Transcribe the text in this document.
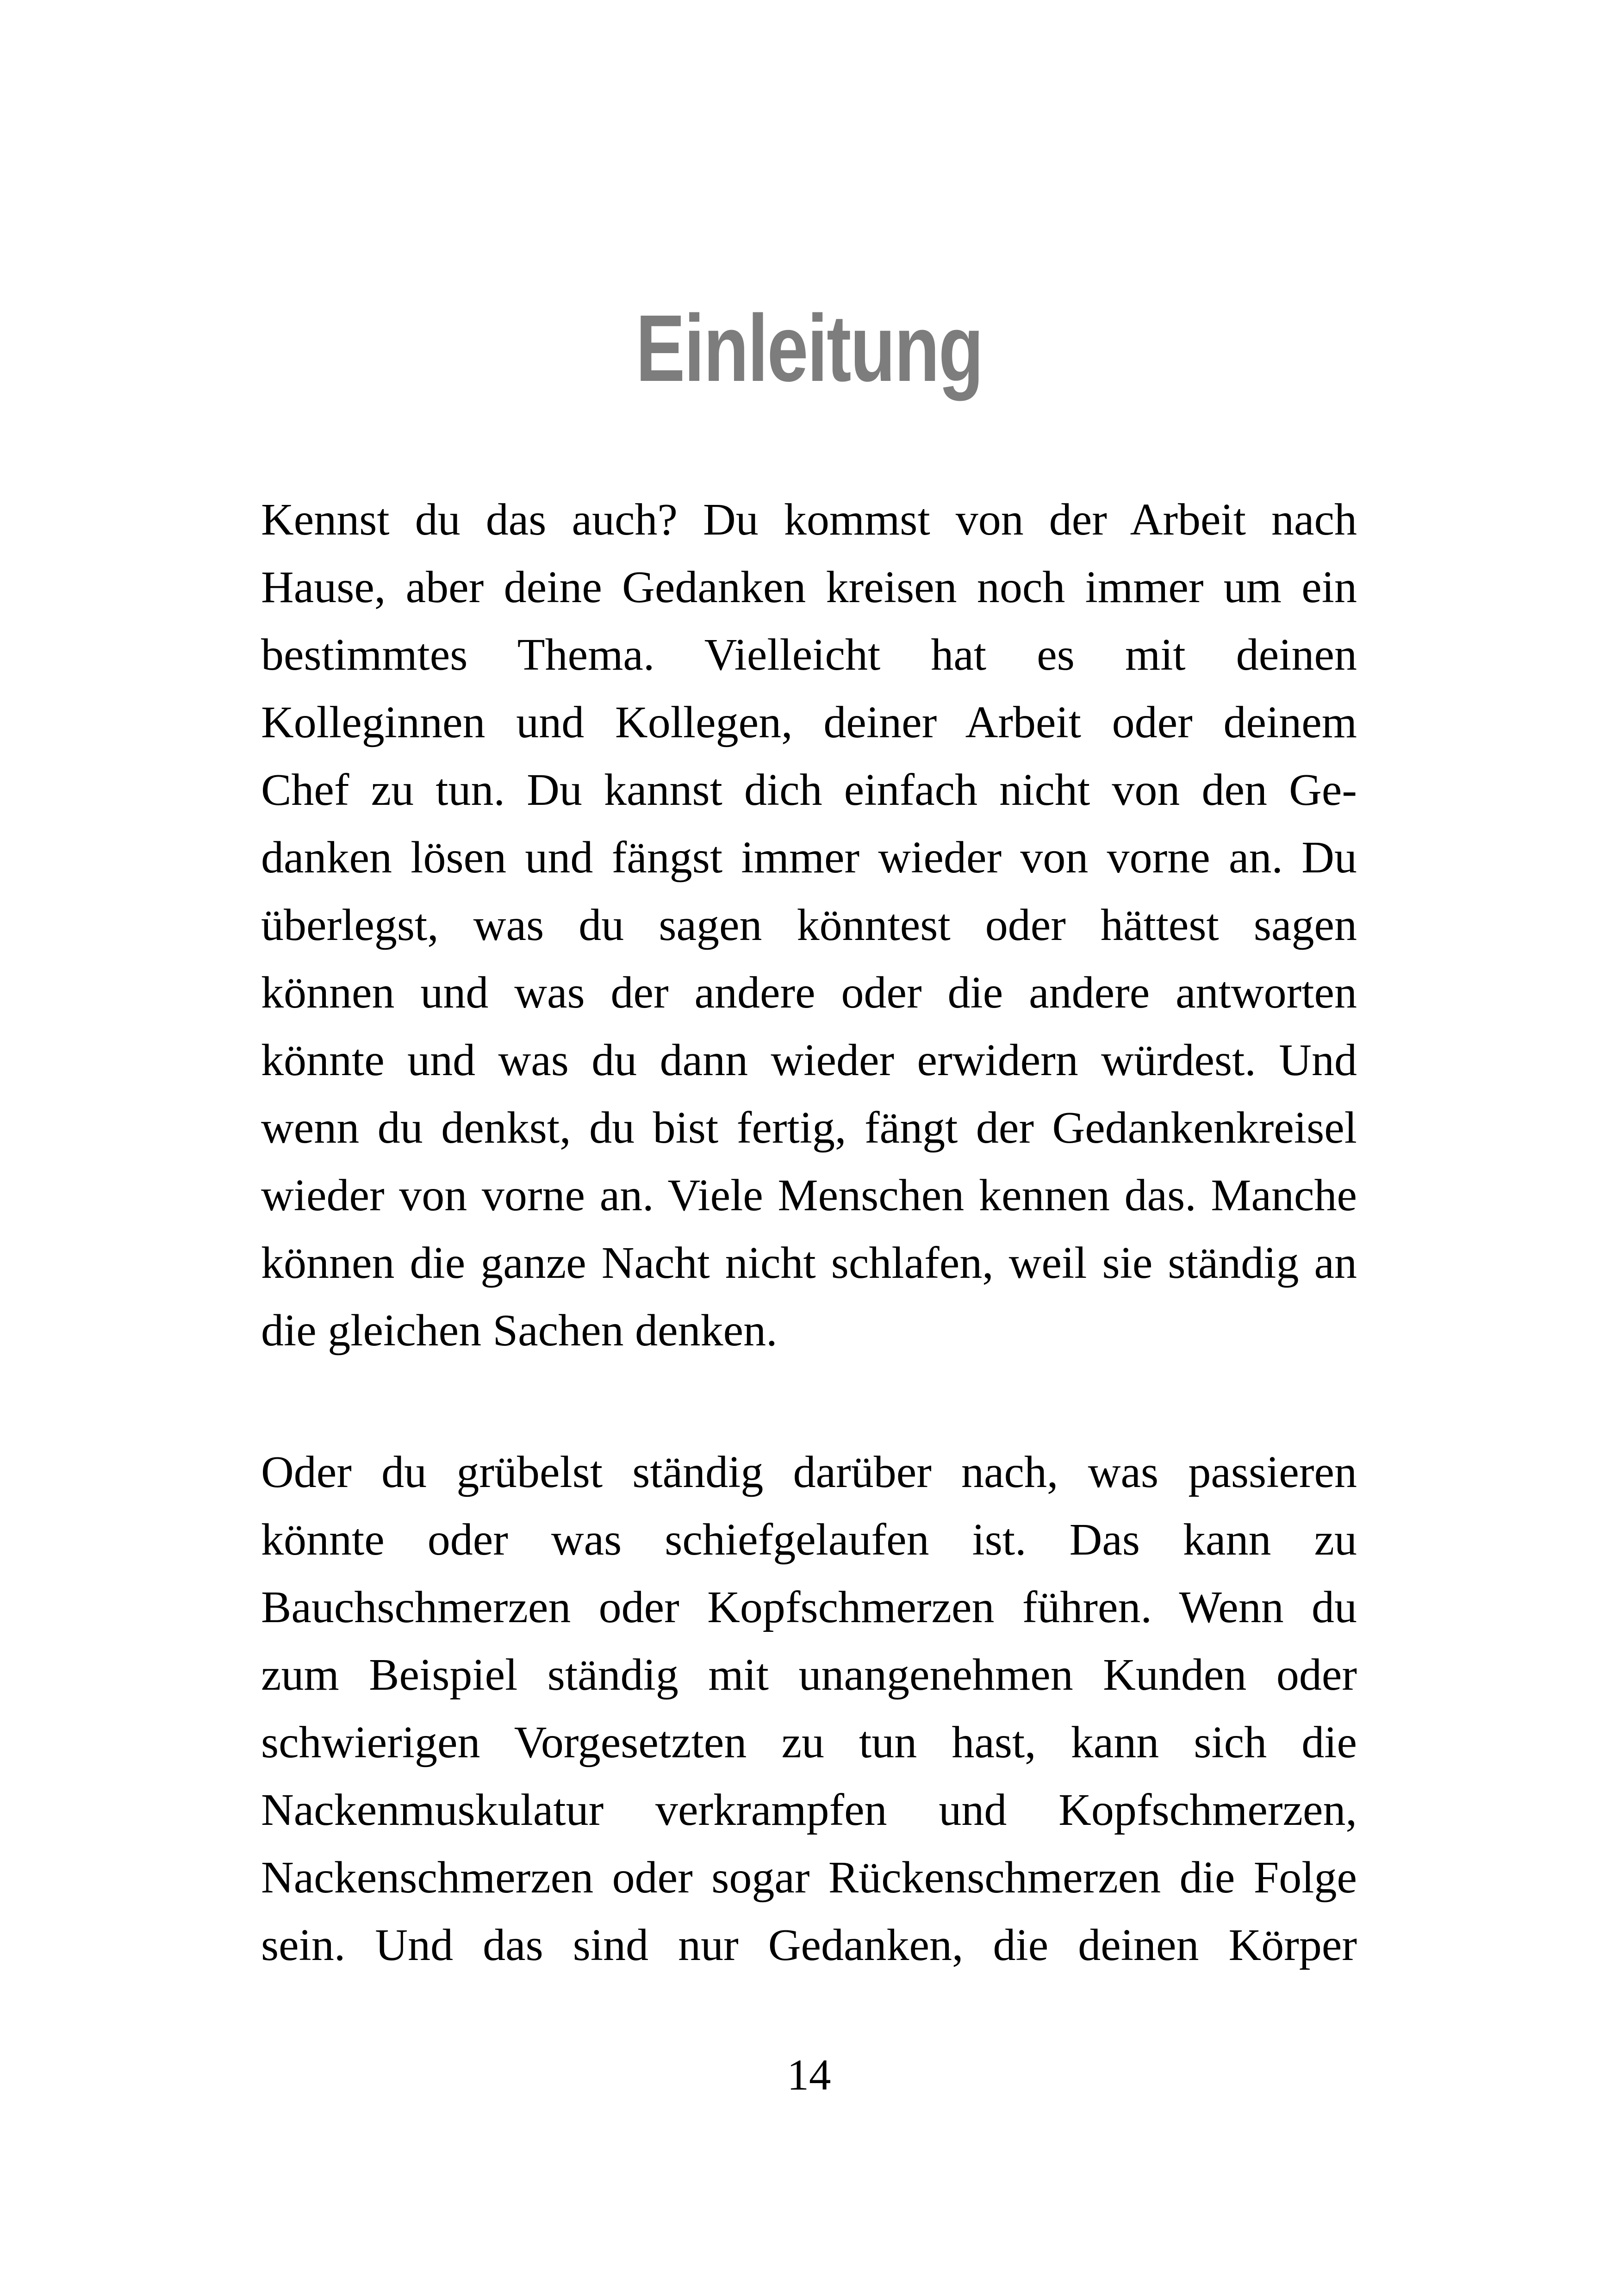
Einleitung
Kennst du das auch? Du kommst von der Arbeit nach
Hause, aber deine Gedanken kreisen noch immer um ein
bestimmtes Thema. Vielleicht hat es mit deinen
Kolleginnen und Kollegen, deiner Arbeit oder deinem
Chef zu tun. Du kannst dich einfach nicht von den Ge-
danken lösen und fängst immer wieder von vorne an. Du
überlegst, was du sagen könntest oder hättest sagen
können und was der andere oder die andere antworten
könnte und was du dann wieder erwidern würdest. Und
wenn du denkst, du bist fertig, fängt der Gedankenkreisel
wieder von vorne an. Viele Menschen kennen das. Manche
können die ganze Nacht nicht schlafen, weil sie ständig an
die gleichen Sachen denken.
Oder du grübelst ständig darüber nach, was passieren
könnte oder was schiefgelaufen ist. Das kann zu
Bauchschmerzen oder Kopfschmerzen führen. Wenn du
zum Beispiel ständig mit unangenehmen Kunden oder
schwierigen Vorgesetzten zu tun hast, kann sich die
Nackenmuskulatur verkrampfen und Kopfschmerzen,
Nackenschmerzen oder sogar Rückenschmerzen die Folge
sein. Und das sind nur Gedanken, die deinen Körper
14
